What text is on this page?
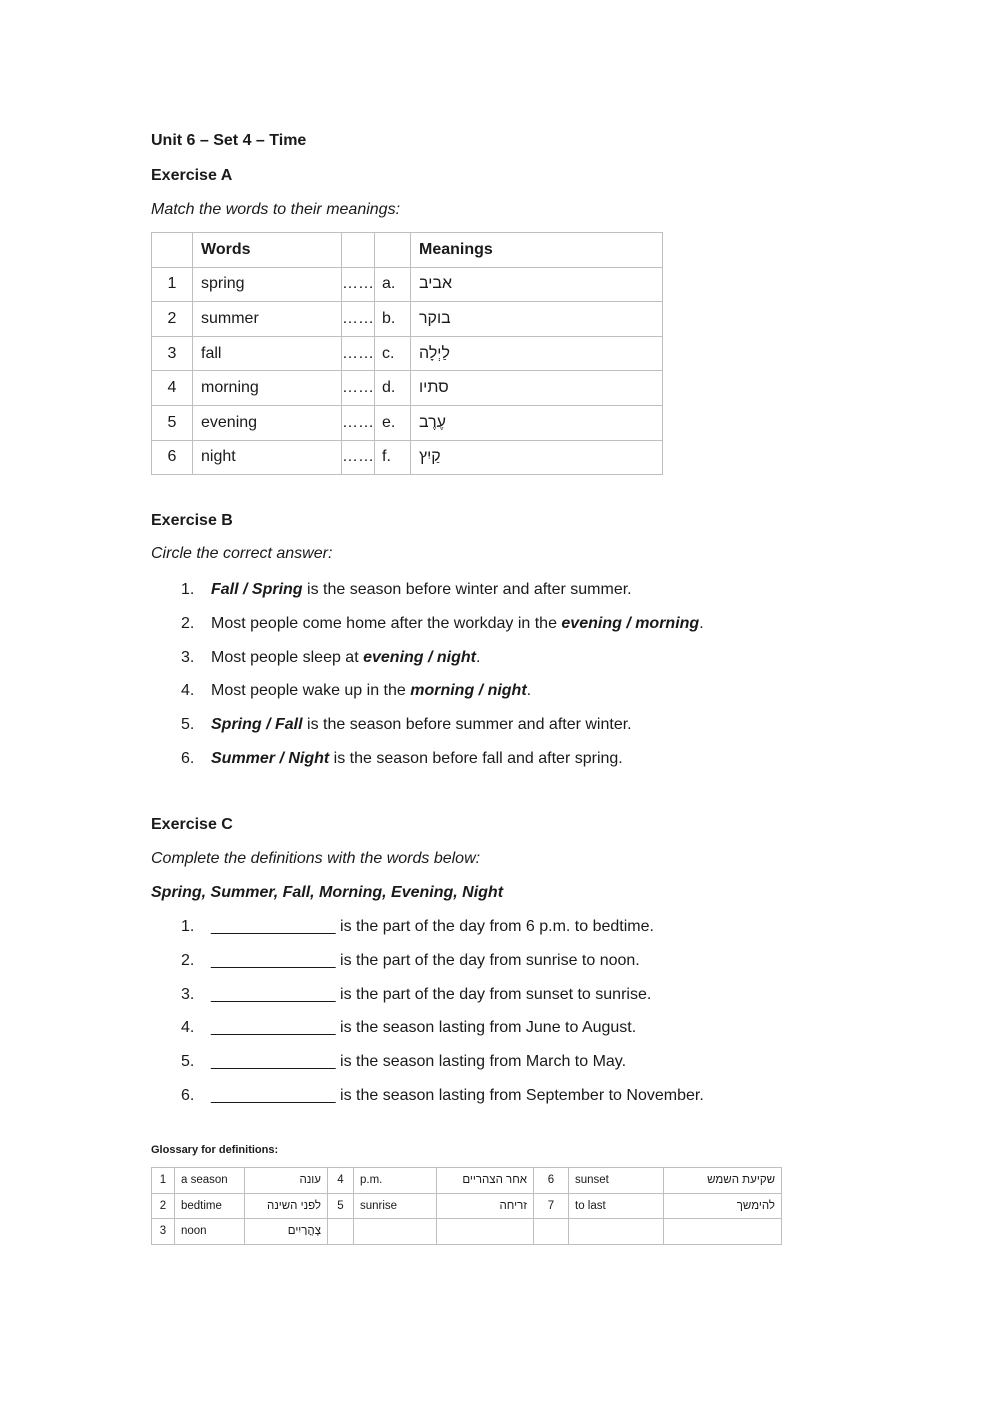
Unit 6 – Set 4 – Time
Exercise A
Match the words to their meanings:
	Words			Meanings
1	spring	……	a.	אביב
2	summer	……	b.	בוקר
3	fall	……	c.	לַיְלָה
4	morning	……	d.	סתיו
5	evening	……	e.	עֶרֶב
6	night	……	f.	קַיִץ
Exercise B
Circle the correct answer:
1. Fall / Spring is the season before winter and after summer.
2. Most people come home after the workday in the evening / morning.
3. Most people sleep at evening / night.
4. Most people wake up in the morning / night.
5. Spring / Fall is the season before summer and after winter.
6. Summer / Night is the season before fall and after spring.
Exercise C
Complete the definitions with the words below:
Spring, Summer, Fall, Morning, Evening, Night
1. ______________ is the part of the day from 6 p.m. to bedtime.
2. ______________ is the part of the day from sunrise to noon.
3. ______________ is the part of the day from sunset to sunrise.
4. ______________ is the season lasting from June to August.
5. ______________ is the season lasting from March to May.
6. ______________ is the season lasting from September to November.
Glossary for definitions:
1	a season	עונה	4	p.m.	אחר הצהריים	6	sunset	שקיעת השמש
2	bedtime	לפני השינה	5	sunrise	זריחה	7	to last	להימשך
3	noon	צָהֳרַיִים						
